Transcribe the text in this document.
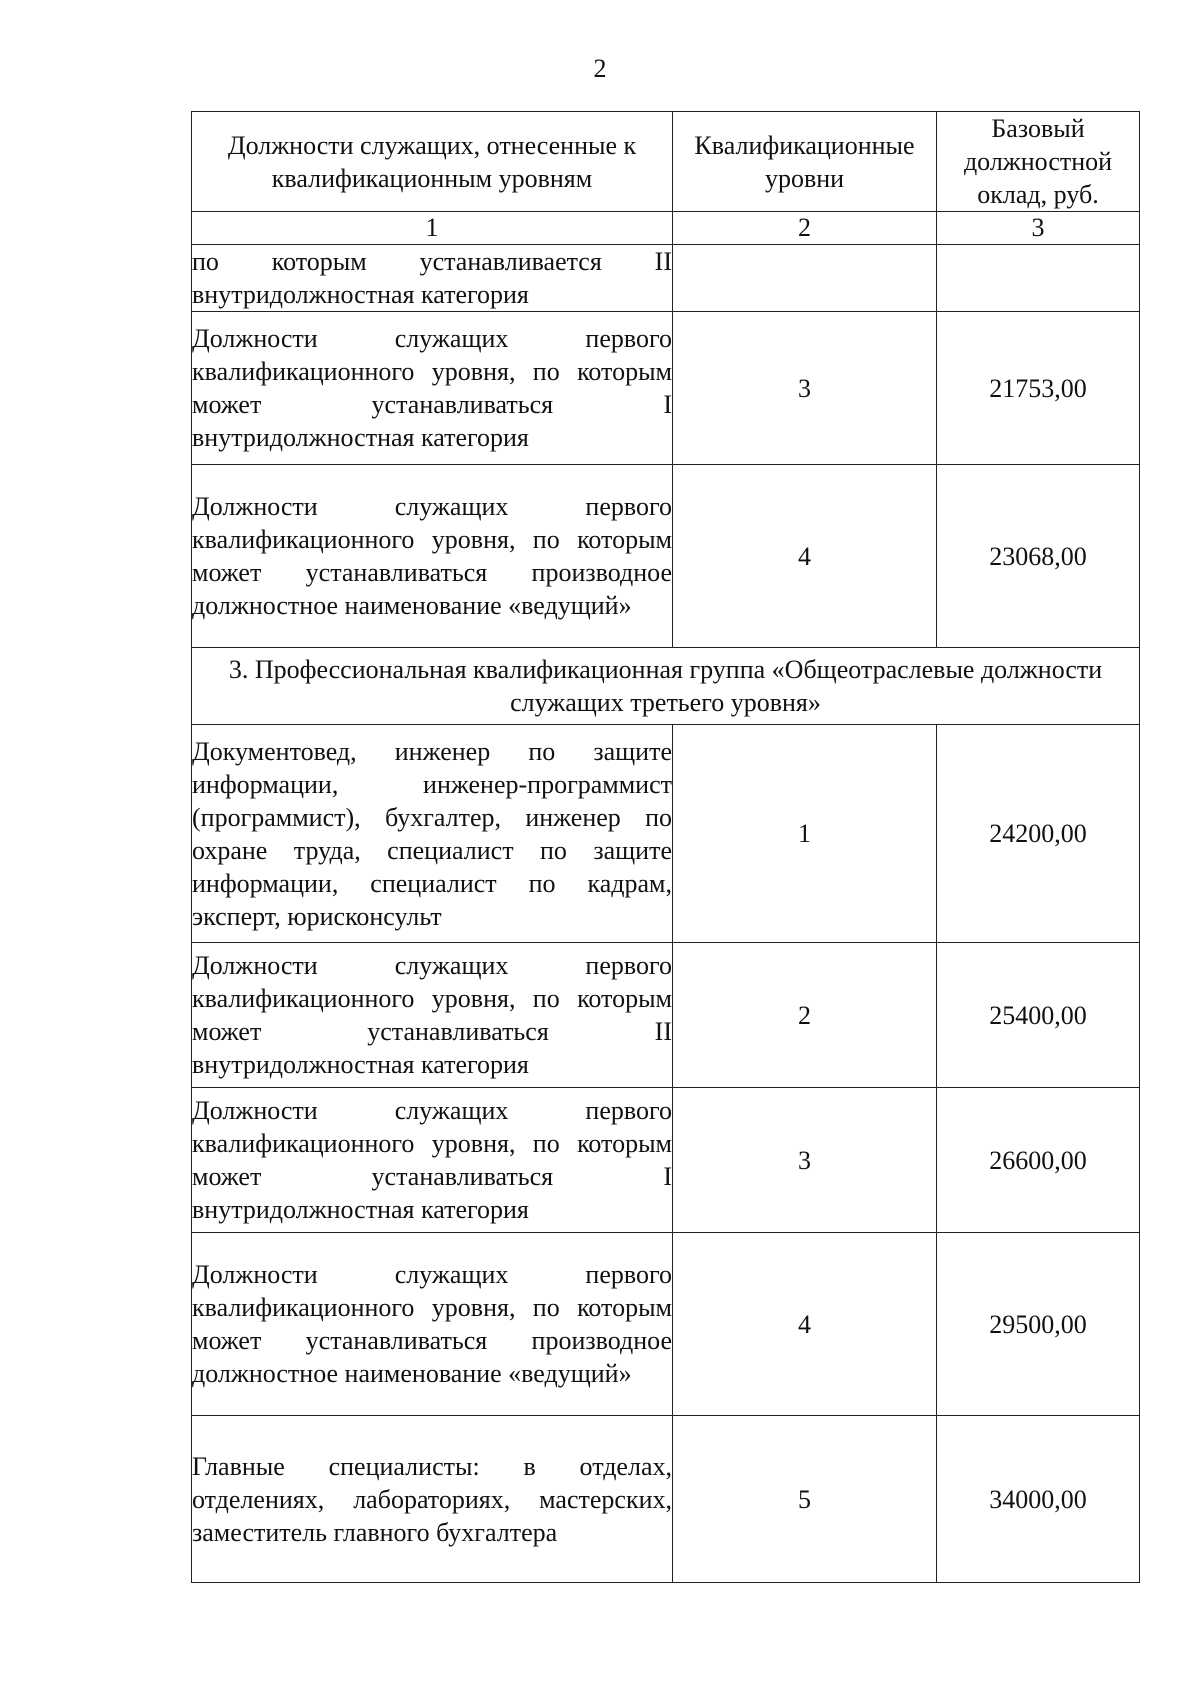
2
Должности служащих, отнесенные к квалификационным уровням	Квалификационные уровни	Базовый должностной оклад, руб.
1	2	3
по которым устанавливается II внутридолжностная категория		
Должности служащих первого квалификационного уровня, по которым может устанавливаться I внутридолжностная категория	3	21753,00
Должности служащих первого квалификационного уровня, по которым может устанавливаться производное должностное наименование «ведущий»	4	23068,00
3. Профессиональная квалификационная группа «Общеотраслевые должности служащих третьего уровня»		
Документовед, инженер по защите информации, инженер-программист (программист), бухгалтер, инженер по охране труда, специалист по защите информации, специалист по кадрам, эксперт, юрисконсульт	1	24200,00
Должности служащих первого квалификационного уровня, по которым может устанавливаться II внутридолжностная категория	2	25400,00
Должности служащих первого квалификационного уровня, по которым может устанавливаться I внутридолжностная категория	3	26600,00
Должности служащих первого квалификационного уровня, по которым может устанавливаться производное должностное наименование «ведущий»	4	29500,00
Главные специалисты: в отделах, отделениях, лабораториях, мастерских, заместитель главного бухгалтера	5	34000,00
